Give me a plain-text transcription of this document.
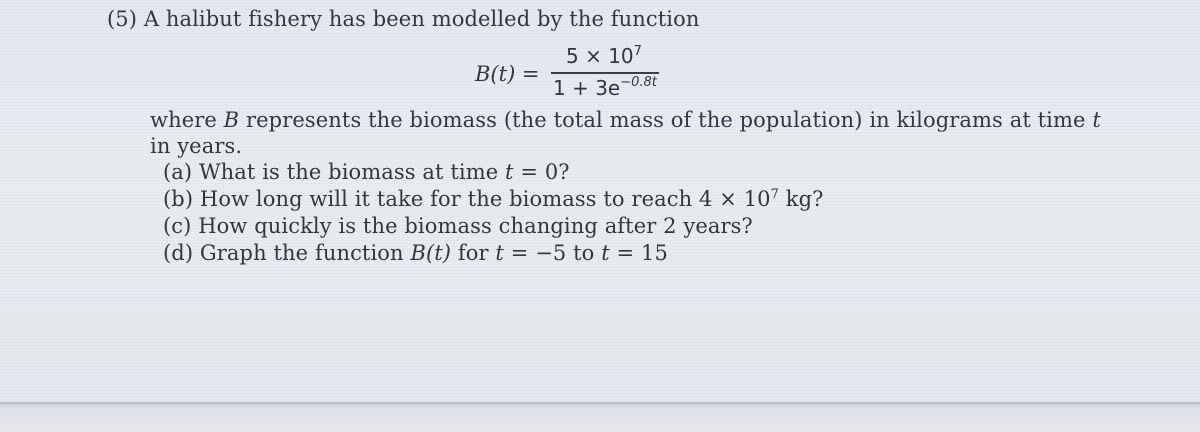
(5) A halibut fishery has been modelled by the function
B(t) =
$5 \times 10^7$
$1 + 3e^{-0.8t}$
where B represents the biomass (the total mass of the population) in kilograms at time t
in years.
(a) What is the biomass at time t = 0?
(b) How long will it take for the biomass to reach $4 \times 10^7$ kg?
(c) How quickly is the biomass changing after 2 years?
(d) Graph the function B(t) for t = −5 to t = 15
